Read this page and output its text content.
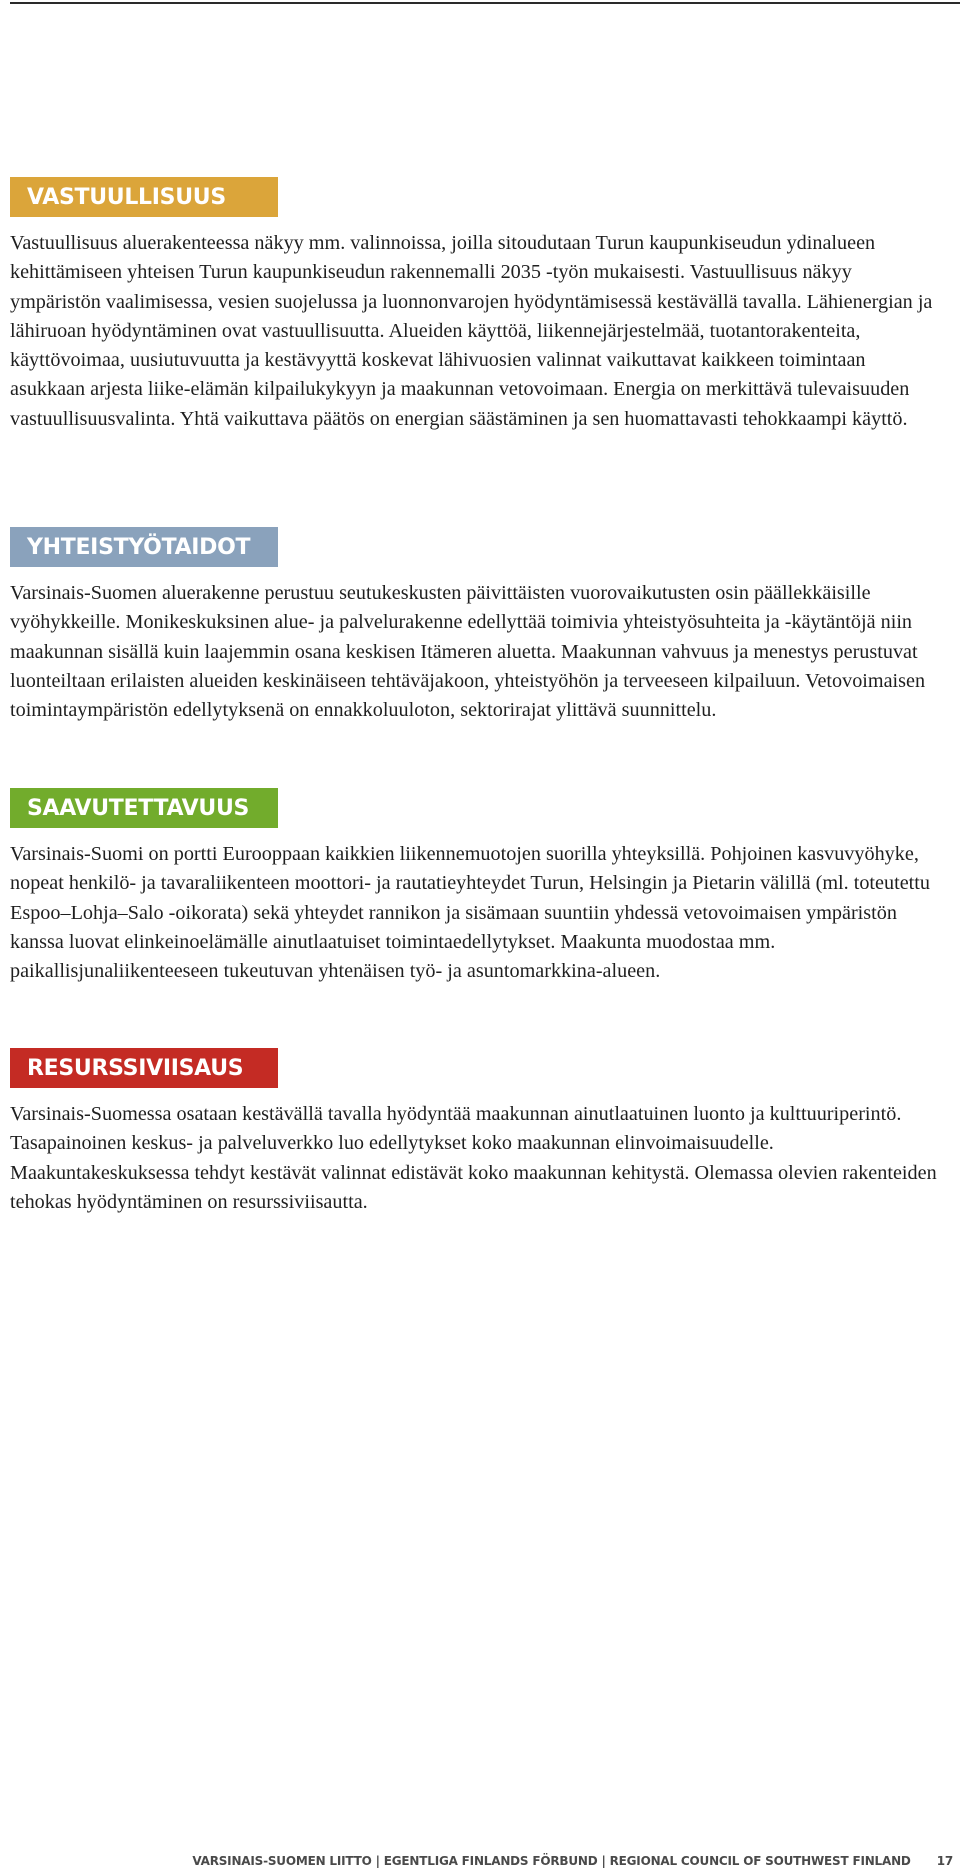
VASTUULLISUUS

Vastuullisuus aluerakenteessa näkyy mm. valinnoissa, joilla sitoudutaan Turun kaupunkiseudun ydinalueen kehittämiseen yhteisen Turun kaupunkiseudun rakennemalli 2035 -työn mukaisesti. Vastuullisuus näkyy ympäristön vaalimisessa, vesien suojelussa ja luonnonvarojen hyödyntämisessä kestävällä tavalla. Lähienergian ja lähiruoan hyödyntäminen ovat vastuullisuutta. Alueiden käyttöä, liikennejärjestelmää, tuotantorakenteita, käyttövoimaa, uusiutuvuutta ja kestävyyttä koskevat lähivuosien valinnat vaikuttavat kaikkeen toimintaan asukkaan arjesta liike-elämän kilpailukykyyn ja maakunnan vetovoimaan. Energia on merkittävä tulevaisuuden vastuullisuusvalinta. Yhtä vaikuttava päätös on energian säästäminen ja sen huomattavasti tehokkaampi käyttö.

YHTEISTYÖTAIDOT

Varsinais-Suomen aluerakenne perustuu seutukeskusten päivittäisten vuorovaikutusten osin päällekkäisille vyöhykkeille. Monikeskuksinen alue- ja palvelurakenne edellyttää toimivia yhteistyösuhteita ja -käytäntöjä niin maakunnan sisällä kuin laajemmin osana keskisen Itämeren aluetta. Maakunnan vahvuus ja menestys perustuvat luonteiltaan erilaisten alueiden keskinäiseen tehtäväjakoon, yhteistyöhön ja terveeseen kilpailuun. Vetovoimaisen toimintaympäristön edellytyksenä on ennakkoluuloton, sektorirajat ylittävä suunnittelu.

SAAVUTETTAVUUS

Varsinais-Suomi on portti Eurooppaan kaikkien liikennemuotojen suorilla yhteyksillä. Pohjoinen kasvuvyöhyke, nopeat henkilö- ja tavaraliikenteen moottori- ja rautatieyhteydet Turun, Helsingin ja Pietarin välillä (ml. toteutettu Espoo–Lohja–Salo -oikorata) sekä yhteydet rannikon ja sisämaan suuntiin yhdessä vetovoimaisen ympäristön kanssa luovat elinkeinoelämälle ainutlaatuiset toimintaedellytykset. Maakunta muodostaa mm. paikallisjunaliikenteeseen tukeutuvan yhtenäisen työ- ja asuntomarkkina-alueen.

RESURSSIVIISAUS

Varsinais-Suomessa osataan kestävällä tavalla hyödyntää maakunnan ainutlaatuinen luonto ja kulttuuriperintö. Tasapainoinen keskus- ja palveluverkko luo edellytykset koko maakunnan elinvoimaisuudelle. Maakuntakeskuksessa tehdyt kestävät valinnat edistävät koko maakunnan kehitystä. Olemassa olevien rakenteiden tehokas hyödyntäminen on resurssiviisautta.

VARSINAIS-SUOMEN LIITTO | EGENTLIGA FINLANDS FÖRBUND | REGIONAL COUNCIL OF SOUTHWEST FINLAND 17
